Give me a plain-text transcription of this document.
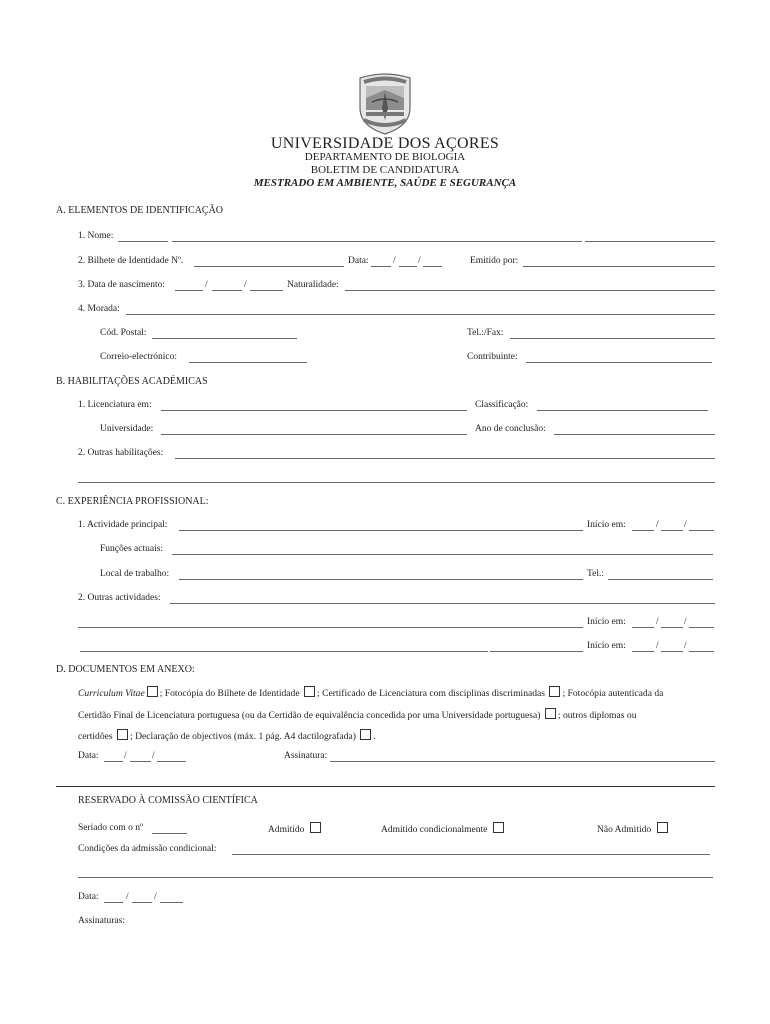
UNIVERSIDADE DOS AÇORES
DEPARTAMENTO DE BIOLOGIA
BOLETIM DE CANDIDATURA
MESTRADO EM AMBIENTE, SAÚDE E SEGURANÇA
A. ELEMENTOS DE IDENTIFICAÇÃO
1. Nome:
2. Bilhete de Identidade Nº.	Data:	/ /	Emitido por:
3. Data de nascimento:	/	/	Naturalidade:
4. Morada:
Cód. Postal:	Tel.:/Fax:
Correio-electrónico:	Contribuinte:
B. HABILITAÇÕES ACADÉMICAS
1. Licenciatura em:	Classificação:
Universidade:	Ano de conclusão:
2. Outras habilitações:
C. EXPERIÊNCIA PROFISSIONAL:
1. Actividade principal:	Início em:	/	/
Funções actuais:
Local de trabalho:	Tel.:
2. Outras actividades:
Início em:	/	/
Início em:	/	/
D. DOCUMENTOS EM ANEXO:
Curriculum Vitae ; Fotocópia do Bilhete de Identidade ; Certificado de Licenciatura com disciplinas discriminadas ; Fotocópia autenticada da
Certidão Final de Licenciatura portuguesa (ou da Certidão de equivalência concedida por uma Universidade portuguesa) ; outros diplomas ou
certidões ; Declaração de objectivos (máx. 1 pág. A4 dactilografada) .
Data:	/	/	Assinatura:
RESERVADO À COMISSÃO CIENTÍFICA
Seriado com o nº	Admitido	Admitido condicionalmente	Não Admitido
Condições da admissão condicional:
Data:	/	/
Assinaturas:
